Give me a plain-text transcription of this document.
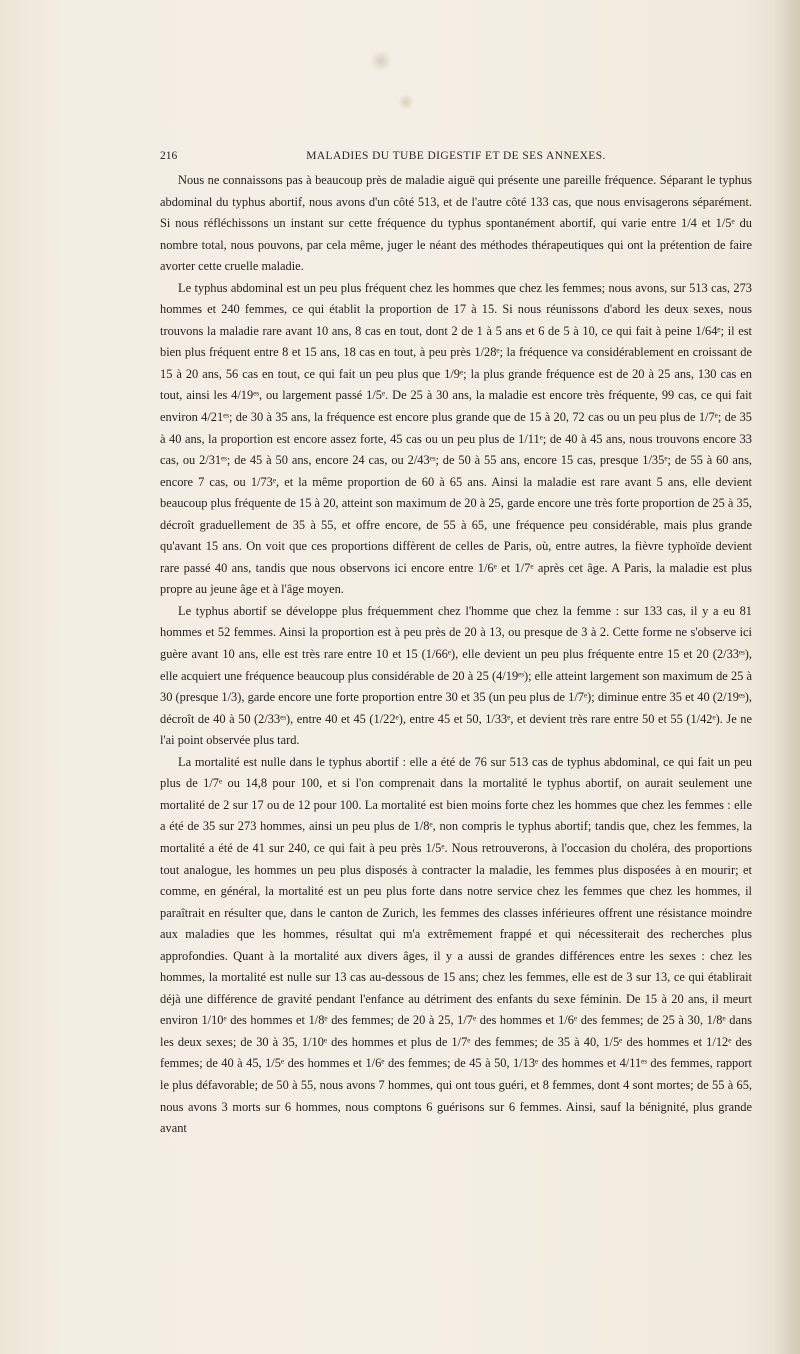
216	MALADIES DU TUBE DIGESTIF ET DE SES ANNEXES.

Nous ne connaissons pas à beaucoup près de maladie aiguë qui présente une pareille fréquence. Séparant le typhus abdominal du typhus abortif, nous avons d'un côté 513, et de l'autre côté 133 cas, que nous envisagerons séparément. Si nous réfléchissons un instant sur cette fréquence du typhus spontanément abortif, qui varie entre 1/4 et 1/5ᵉ du nombre total, nous pouvons, par cela même, juger le néant des méthodes thérapeutiques qui ont la prétention de faire avorter cette cruelle maladie.

Le typhus abdominal est un peu plus fréquent chez les hommes que chez les femmes; nous avons, sur 513 cas, 273 hommes et 240 femmes, ce qui établit la proportion de 17 à 15. Si nous réunissons d'abord les deux sexes, nous trouvons la maladie rare avant 10 ans, 8 cas en tout, dont 2 de 1 à 5 ans et 6 de 5 à 10, ce qui fait à peine 1/64ᵉ; il est bien plus fréquent entre 8 et 15 ans, 18 cas en tout, à peu près 1/28ᵉ; la fréquence va considérablement en croissant de 15 à 20 ans, 56 cas en tout, ce qui fait un peu plus que 1/9ᵉ; la plus grande fréquence est de 20 à 25 ans, 130 cas en tout, ainsi les 4/19ᵉˢ, ou largement passé 1/5ᵉ. De 25 à 30 ans, la maladie est encore très fréquente, 99 cas, ce qui fait environ 4/21ᵉˢ; de 30 à 35 ans, la fréquence est encore plus grande que de 15 à 20, 72 cas ou un peu plus de 1/7ᵉ; de 35 à 40 ans, la proportion est encore assez forte, 45 cas ou un peu plus de 1/11ᵉ; de 40 à 45 ans, nous trouvons encore 33 cas, ou 2/31ᵉˢ; de 45 à 50 ans, encore 24 cas, ou 2/43ᵉˢ; de 50 à 55 ans, encore 15 cas, presque 1/35ᵉ; de 55 à 60 ans, encore 7 cas, ou 1/73ᵉ, et la même proportion de 60 à 65 ans. Ainsi la maladie est rare avant 5 ans, elle devient beaucoup plus fréquente de 15 à 20, atteint son maximum de 20 à 25, garde encore une très forte proportion de 25 à 35, décroît graduellement de 35 à 55, et offre encore, de 55 à 65, une fréquence peu considérable, mais plus grande qu'avant 15 ans. On voit que ces proportions diffèrent de celles de Paris, où, entre autres, la fièvre typhoïde devient rare passé 40 ans, tandis que nous observons ici encore entre 1/6ᵉ et 1/7ᵉ après cet âge. A Paris, la maladie est plus propre au jeune âge et à l'âge moyen.

Le typhus abortif se développe plus fréquemment chez l'homme que chez la femme : sur 133 cas, il y a eu 81 hommes et 52 femmes. Ainsi la proportion est à peu près de 20 à 13, ou presque de 3 à 2. Cette forme ne s'observe ici guère avant 10 ans, elle est très rare entre 10 et 15 (1/66ᵉ), elle devient un peu plus fréquente entre 15 et 20 (2/33ᵉˢ), elle acquiert une fréquence beaucoup plus considérable de 20 à 25 (4/19ᵉˢ); elle atteint largement son maximum de 25 à 30 (presque 1/3), garde encore une forte proportion entre 30 et 35 (un peu plus de 1/7ᵉ); diminue entre 35 et 40 (2/19ᵉˢ), décroît de 40 à 50 (2/33ᵉˢ), entre 40 et 45 (1/22ᵉ), entre 45 et 50, 1/33ᵉ, et devient très rare entre 50 et 55 (1/42ᵉ). Je ne l'ai point observée plus tard.

La mortalité est nulle dans le typhus abortif : elle a été de 76 sur 513 cas de typhus abdominal, ce qui fait un peu plus de 1/7ᵉ ou 14,8 pour 100, et si l'on comprenait dans la mortalité le typhus abortif, on aurait seulement une mortalité de 2 sur 17 ou de 12 pour 100. La mortalité est bien moins forte chez les hommes que chez les femmes : elle a été de 35 sur 273 hommes, ainsi un peu plus de 1/8ᵉ, non compris le typhus abortif; tandis que, chez les femmes, la mortalité a été de 41 sur 240, ce qui fait à peu près 1/5ᵉ. Nous retrouverons, à l'occasion du choléra, des proportions tout analogue, les hommes un peu plus disposés à contracter la maladie, les femmes plus disposées à en mourir; et comme, en général, la mortalité est un peu plus forte dans notre service chez les femmes que chez les hommes, il paraîtrait en résulter que, dans le canton de Zurich, les femmes des classes inférieures offrent une résistance moindre aux maladies que les hommes, résultat qui m'a extrêmement frappé et qui nécessiterait des recherches plus approfondies. Quant à la mortalité aux divers âges, il y a aussi de grandes différences entre les sexes : chez les hommes, la mortalité est nulle sur 13 cas au-dessous de 15 ans; chez les femmes, elle est de 3 sur 13, ce qui établirait déjà une différence de gravité pendant l'enfance au détriment des enfants du sexe féminin. De 15 à 20 ans, il meurt environ 1/10ᵉ des hommes et 1/8ᵉ des femmes; de 20 à 25, 1/7ᵉ des hommes et 1/6ᵉ des femmes; de 25 à 30, 1/8ᵉ dans les deux sexes; de 30 à 35, 1/10ᵉ des hommes et plus de 1/7ᵉ des femmes; de 35 à 40, 1/5ᵉ des hommes et 1/12ᵉ des femmes; de 40 à 45, 1/5ᵉ des hommes et 1/6ᵉ des femmes; de 45 à 50, 1/13ᵉ des hommes et 4/11ᵉˢ des femmes, rapport le plus défavorable; de 50 à 55, nous avons 7 hommes, qui ont tous guéri, et 8 femmes, dont 4 sont mortes; de 55 à 65, nous avons 3 morts sur 6 hommes, nous comptons 6 guérisons sur 6 femmes. Ainsi, sauf la bénignité, plus grande avant
